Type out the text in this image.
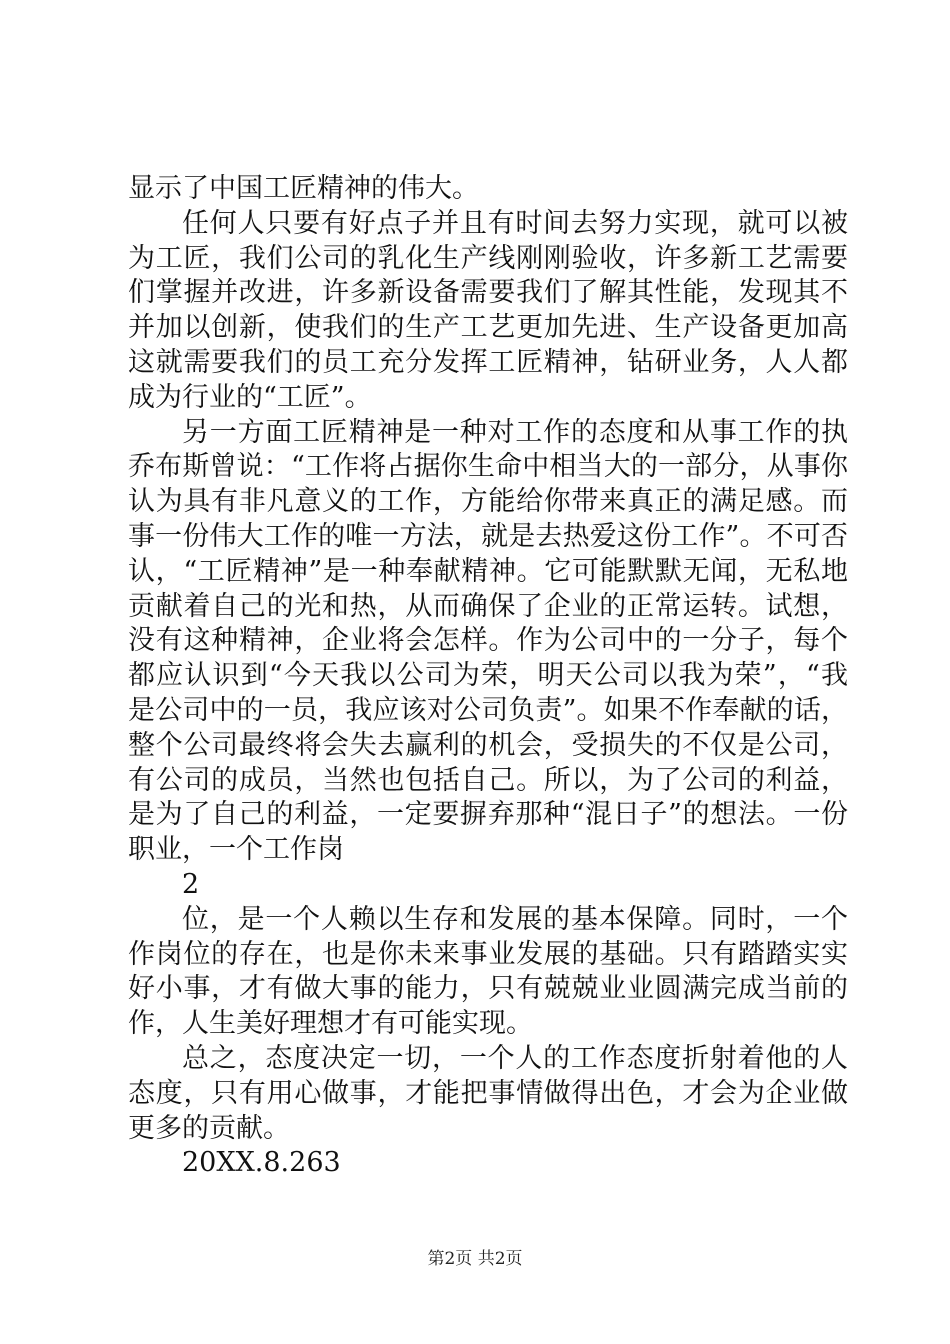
显示了中国工匠精神的伟大。
任何人只要有好点子并且有时间去努力实现，就可以被
为工匠，我们公司的乳化生产线刚刚验收，许多新工艺需要
们掌握并改进，许多新设备需要我们了解其性能，发现其不
并加以创新，使我们的生产工艺更加先进、生产设备更加高
这就需要我们的员工充分发挥工匠精神，钻研业务，人人都
成为行业的“工匠”。
另一方面工匠精神是一种对工作的态度和从事工作的执
乔布斯曾说：“工作将占据你生命中相当大的一部分，从事你
认为具有非凡意义的工作，方能给你带来真正的满足感。而
事一份伟大工作的唯一方法，就是去热爱这份工作”。不可否
认，“工匠精神”是一种奉献精神。它可能默默无闻，无私地
贡献着自己的光和热，从而确保了企业的正常运转。试想，
没有这种精神，企业将会怎样。作为公司中的一分子，每个
都应认识到“今天我以公司为荣，明天公司以我为荣”，“我
是公司中的一员，我应该对公司负责”。如果不作奉献的话，
整个公司最终将会失去赢利的机会，受损失的不仅是公司，
有公司的成员，当然也包括自己。所以，为了公司的利益，
是为了自己的利益，一定要摒弃那种“混日子”的想法。一份
职业，一个工作岗
2
位，是一个人赖以生存和发展的基本保障。同时，一个
作岗位的存在，也是你未来事业发展的基础。只有踏踏实实
好小事，才有做大事的能力，只有兢兢业业圆满完成当前的
作，人生美好理想才有可能实现。
总之，态度决定一切，一个人的工作态度折射着他的人
态度，只有用心做事，才能把事情做得出色，才会为企业做
更多的贡献。
20XX.8.263
第2页 共2页
